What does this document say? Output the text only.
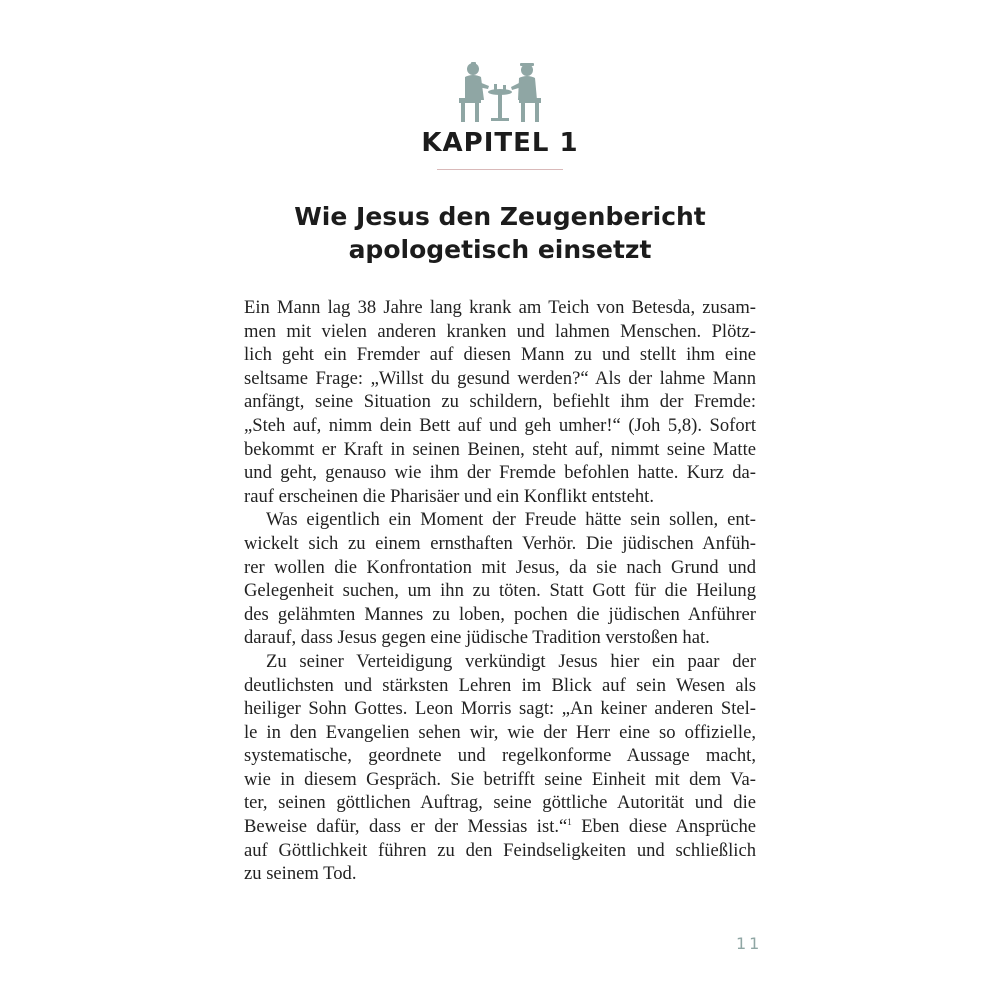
KAPITEL 1
Wie Jesus den Zeugenbericht
apologetisch einsetzt
Ein Mann lag 38 Jahre lang krank am Teich von Betesda, zusam-
men mit vielen anderen kranken und lahmen Menschen. Plötz-
lich geht ein Fremder auf diesen Mann zu und stellt ihm eine
seltsame Frage: „Willst du gesund werden?“ Als der lahme Mann
anfängt, seine Situation zu schildern, befiehlt ihm der Fremde:
„Steh auf, nimm dein Bett auf und geh umher!“ (Joh 5,8). Sofort
bekommt er Kraft in seinen Beinen, steht auf, nimmt seine Matte
und geht, genauso wie ihm der Fremde befohlen hatte. Kurz da-
rauf erscheinen die Pharisäer und ein Konflikt entsteht.
Was eigentlich ein Moment der Freude hätte sein sollen, ent-
wickelt sich zu einem ernsthaften Verhör. Die jüdischen Anfüh-
rer wollen die Konfrontation mit Jesus, da sie nach Grund und
Gelegenheit suchen, um ihn zu töten. Statt Gott für die Heilung
des gelähmten Mannes zu loben, pochen die jüdischen Anführer
darauf, dass Jesus gegen eine jüdische Tradition verstoßen hat.
Zu seiner Verteidigung verkündigt Jesus hier ein paar der
deutlichsten und stärksten Lehren im Blick auf sein Wesen als
heiliger Sohn Gottes. Leon Morris sagt: „An keiner anderen Stel-
le in den Evangelien sehen wir, wie der Herr eine so offizielle,
systematische, geordnete und regelkonforme Aussage macht,
wie in diesem Gespräch. Sie betrifft seine Einheit mit dem Va-
ter, seinen göttlichen Auftrag, seine göttliche Autorität und die
Beweise dafür, dass er der Messias ist.“$^1$ Eben diese Ansprüche
auf Göttlichkeit führen zu den Feindseligkeiten und schließlich
zu seinem Tod.
11
